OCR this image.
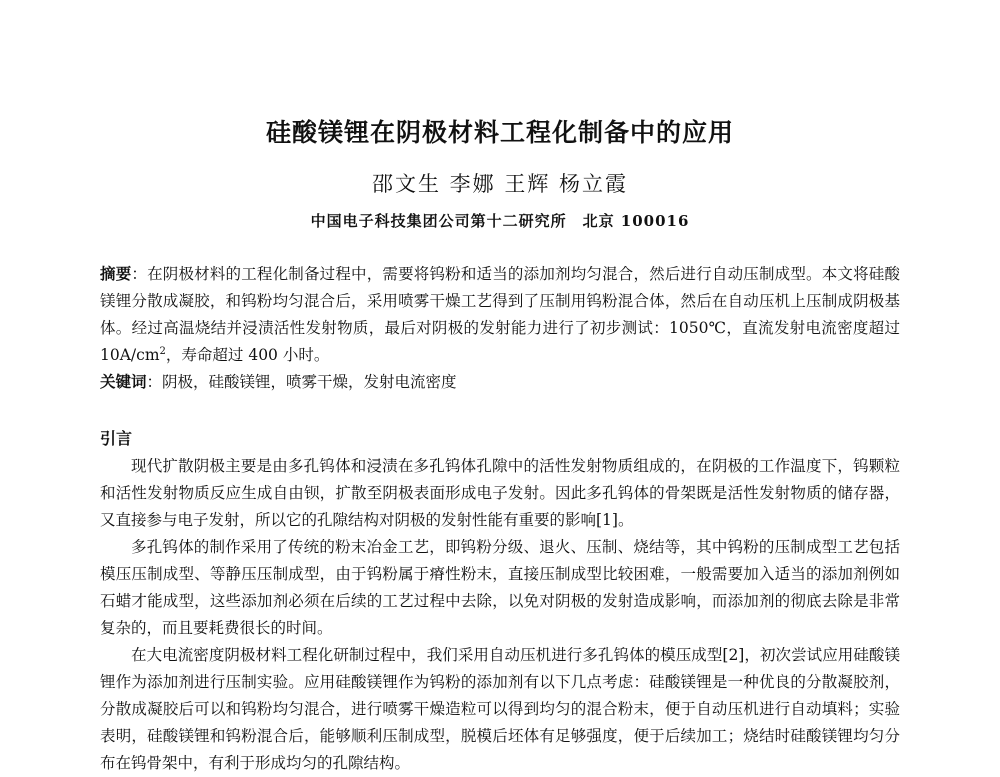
硅酸镁锂在阴极材料工程化制备中的应用
邵文生 李娜 王辉 杨立霞
中国电子科技集团公司第十二研究所 北京 100016
摘要：在阴极材料的工程化制备过程中，需要将钨粉和适当的添加剂均匀混合，然后进行自动压制成型。本文将硅酸镁锂分散成凝胶，和钨粉均匀混合后，采用喷雾干燥工艺得到了压制用钨粉混合体，然后在自动压机上压制成阴极基体。经过高温烧结并浸渍活性发射物质，最后对阴极的发射能力进行了初步测试：1050℃，直流发射电流密度超过 $10A/cm^2$，寿命超过 400 小时。
关键词：阴极，硅酸镁锂，喷雾干燥，发射电流密度
引言

现代扩散阴极主要是由多孔钨体和浸渍在多孔钨体孔隙中的活性发射物质组成的，在阴极的工作温度下，钨颗粒和活性发射物质反应生成自由钡，扩散至阴极表面形成电子发射。因此多孔钨体的骨架既是活性发射物质的储存器，又直接参与电子发射，所以它的孔隙结构对阴极的发射性能有重要的影响[1]。

多孔钨体的制作采用了传统的粉末冶金工艺，即钨粉分级、退火、压制、烧结等，其中钨粉的压制成型工艺包括模压压制成型、等静压压制成型，由于钨粉属于瘠性粉末，直接压制成型比较困难，一般需要加入适当的添加剂例如石蜡才能成型，这些添加剂必须在后续的工艺过程中去除，以免对阴极的发射造成影响，而添加剂的彻底去除是非常复杂的，而且要耗费很长的时间。

在大电流密度阴极材料工程化研制过程中，我们采用自动压机进行多孔钨体的模压成型[2]，初次尝试应用硅酸镁锂作为添加剂进行压制实验。应用硅酸镁锂作为钨粉的添加剂有以下几点考虑：硅酸镁锂是一种优良的分散凝胶剂，分散成凝胶后可以和钨粉均匀混合，进行喷雾干燥造粒可以得到均匀的混合粉末，便于自动压机进行自动填料；实验表明，硅酸镁锂和钨粉混合后，能够顺利压制成型，脱模后坯体有足够强度，便于后续加工；烧结时硅酸镁锂均匀分布在钨骨架中，有利于形成均匀的孔隙结构。
